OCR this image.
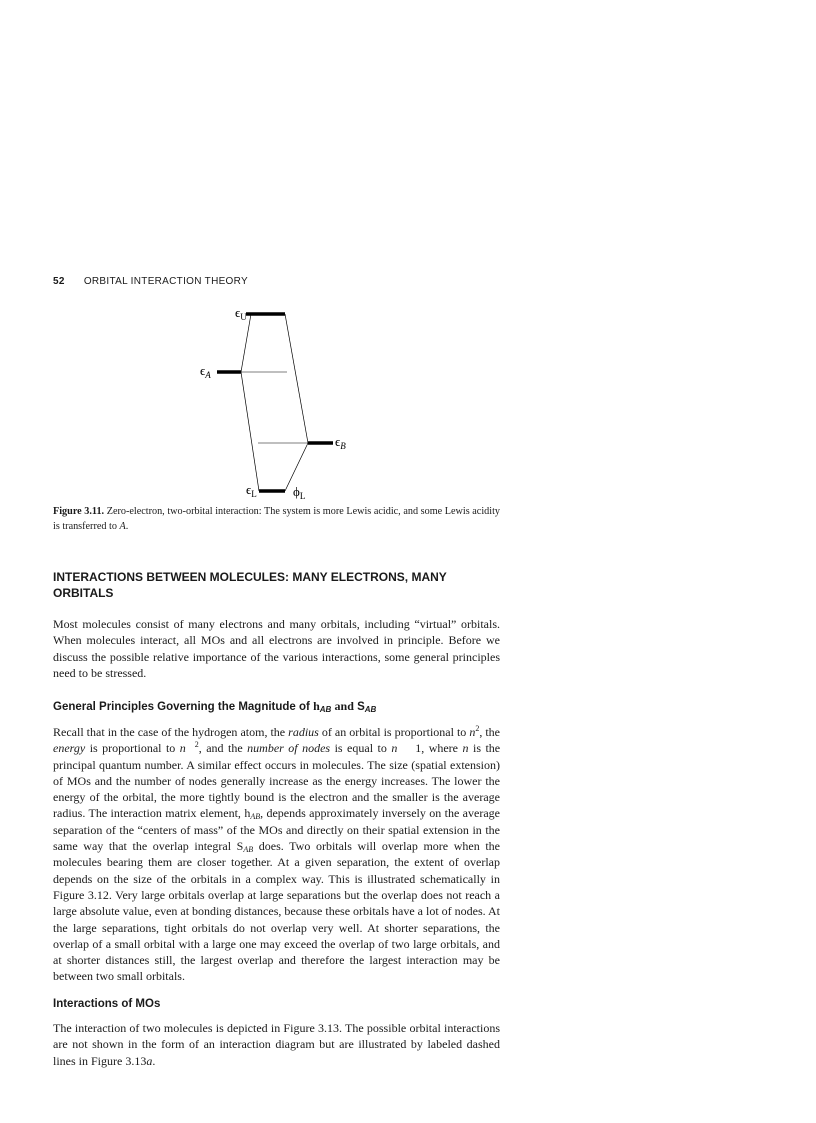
52 ORBITAL INTERACTION THEORY
$\epsilon_U$
$\epsilon_A$
$\epsilon_B$
$\epsilon_L$	$\phi_L$
Figure 3.11. Zero-electron, two-orbital interaction: The system is more Lewis acidic, and some Lewis acidity is transferred to A.
INTERACTIONS BETWEEN MOLECULES: MANY ELECTRONS, MANY ORBITALS

Most molecules consist of many electrons and many orbitals, including “virtual” orbitals. When molecules interact, all MOs and all electrons are involved in principle. Before we discuss the possible relative importance of the various interactions, some general principles need to be stressed.

General Principles Governing the Magnitude of $h_{AB}$ and $S_{AB}$

Recall that in the case of the hydrogen atom, the radius of an orbital is proportional to $n^2$, the energy is proportional to n $^2$, and the number of nodes is equal to n 1, where n is the principal quantum number. A similar effect occurs in molecules. The size (spatial extension) of MOs and the number of nodes generally increase as the energy increases. The lower the energy of the orbital, the more tightly bound is the electron and the smaller is the average radius. The interaction matrix element, $h_{AB}$, depends approximately inversely on the average separation of the “centers of mass” of the MOs and directly on their spatial extension in the same way that the overlap integral $S_{AB}$ does. Two orbitals will overlap more when the molecules bearing them are closer together. At a given separation, the extent of overlap depends on the size of the orbitals in a complex way. This is illustrated schematically in Figure 3.12. Very large orbitals overlap at large separations but the overlap does not reach a large absolute value, even at bonding distances, because these orbitals have a lot of nodes. At the large separations, tight orbitals do not overlap very well. At shorter separations, the overlap of a small orbital with a large one may exceed the overlap of two large orbitals, and at shorter distances still, the largest overlap and therefore the largest interaction may be between two small orbitals.

Interactions of MOs

The interaction of two molecules is depicted in Figure 3.13. The possible orbital interactions are not shown in the form of an interaction diagram but are illustrated by labeled dashed lines in Figure 3.13a.
